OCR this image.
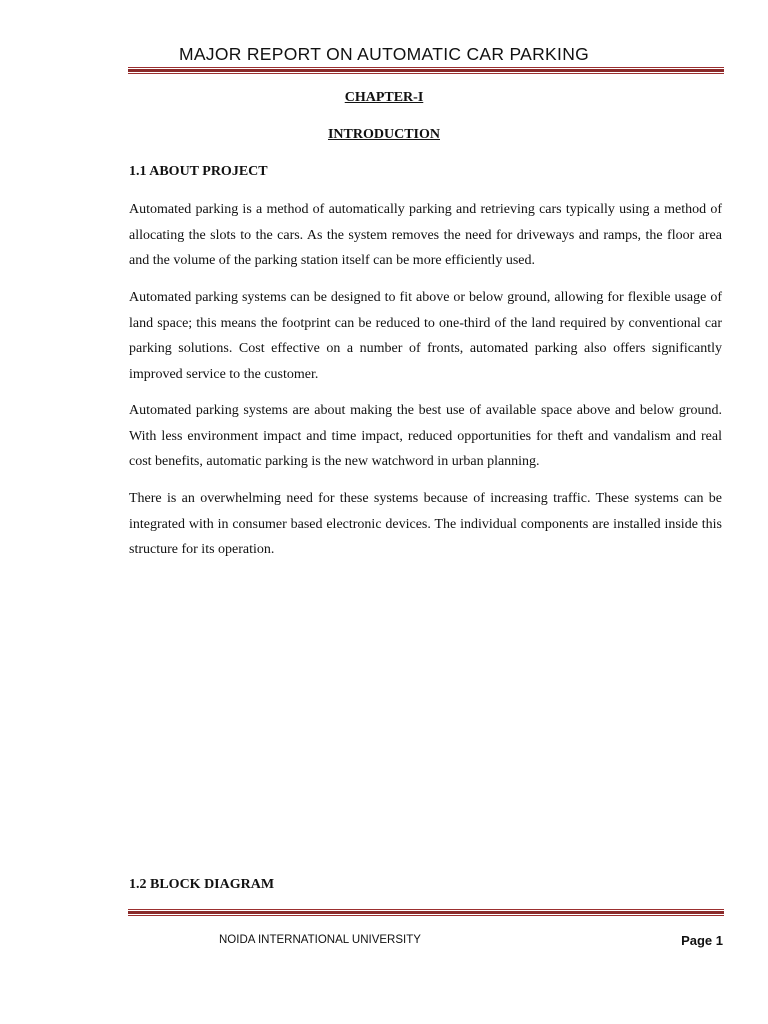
MAJOR REPORT ON AUTOMATIC CAR PARKING
CHAPTER-I
INTRODUCTION
1.1 ABOUT PROJECT

Automated parking is a method of automatically parking and retrieving cars typically using a method of allocating the slots to the cars. As the system removes the need for driveways and ramps, the floor area and the volume of the parking station itself can be more efficiently used.

Automated parking systems can be designed to fit above or below ground, allowing for flexible usage of land space; this means the footprint can be reduced to one-third of the land required by conventional car parking solutions. Cost effective on a number of fronts, automated parking also offers significantly improved service to the customer.

Automated parking systems are about making the best use of available space above and below ground. With less environment impact and time impact, reduced opportunities for theft and vandalism and real cost benefits, automatic parking is the new watchword in urban planning.

There is an overwhelming need for these systems because of increasing traffic. These systems can be integrated with in consumer based electronic devices. The individual components are installed inside this structure for its operation.

1.2 BLOCK DIAGRAM
NOIDA INTERNATIONAL UNIVERSITY	Page 1
